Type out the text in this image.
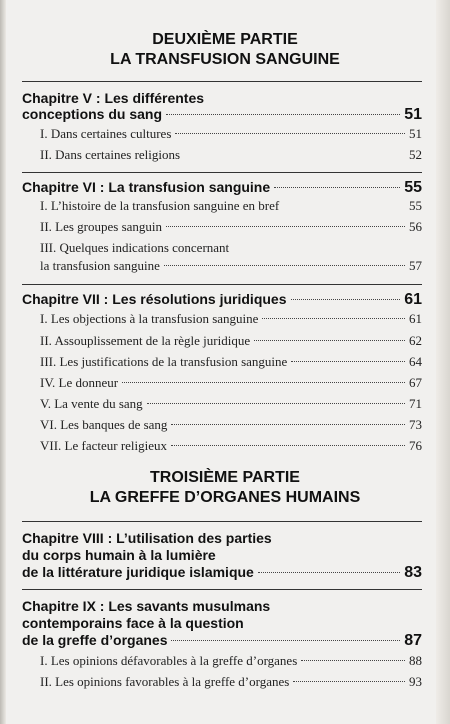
DEUXIÈME PARTIE
LA TRANSFUSION SANGUINE
Chapitre V : Les différentes
conceptions du sang	51
I. Dans certaines cultures	51
II. Dans certaines religions	52
Chapitre VI : La transfusion sanguine	55
I. L’histoire de la transfusion sanguine en bref	55
II. Les groupes sanguin	56
III. Quelques indications concernant
la transfusion sanguine	57
Chapitre VII : Les résolutions juridiques	61
I. Les objections à la transfusion sanguine	61
II. Assouplissement de la règle juridique	62
III. Les justifications de la transfusion sanguine	64
IV. Le donneur	67
V. La vente du sang	71
VI. Les banques de sang	73
VII. Le facteur religieux	76
TROISIÈME PARTIE
LA GREFFE D’ORGANES HUMAINS
Chapitre VIII : L’utilisation des parties
du corps humain à la lumière
de la littérature juridique islamique	83
Chapitre IX : Les savants musulmans
contemporains face à la question
de la greffe d’organes	87
I. Les opinions défavorables à la greffe d’organes	88
II. Les opinions favorables à la greffe d’organes	93
